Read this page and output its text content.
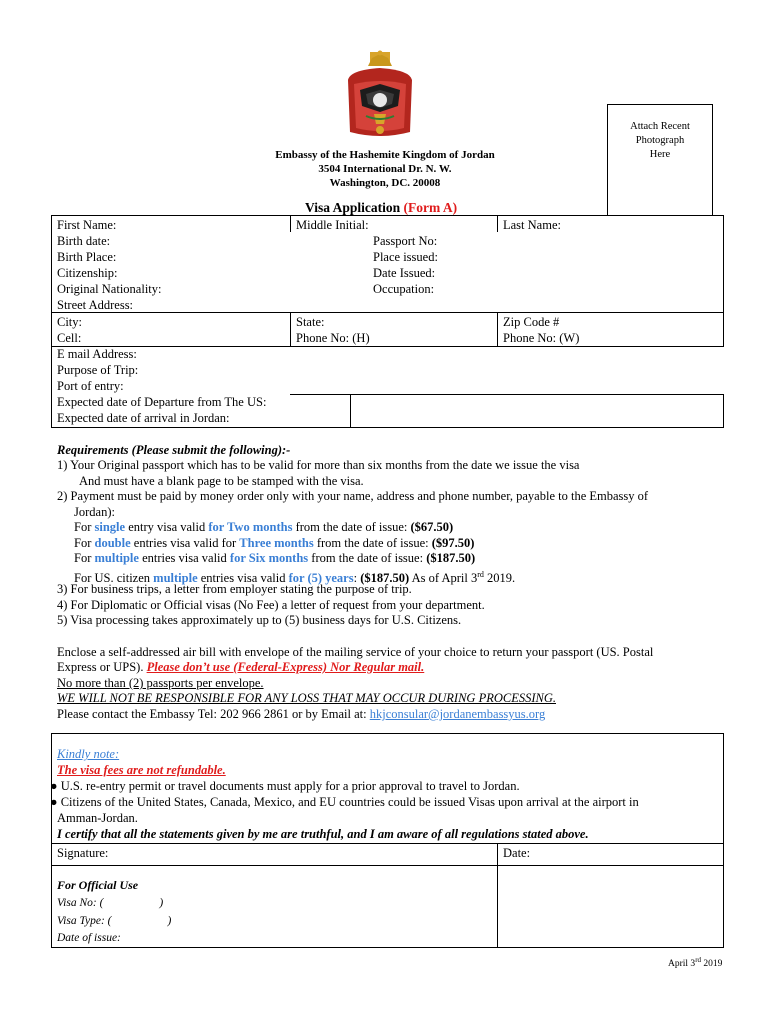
Attach Recent
Photograph
Here
Embassy of the Hashemite Kingdom of Jordan
3504 International Dr. N. W.
Washington, DC. 20008
Visa Application (Form A)
First Name:	Middle Initial:	Last Name:
Birth date:	Passport No:
Birth Place:	Place issued:
Citizenship:	Date Issued:
Original Nationality:	Occupation:
Street Address:
City:	State:	Zip Code #
Cell:	Phone No: (H)	Phone No: (W)
E mail Address:
Purpose of Trip:
Port of entry:
Expected date of Departure from The US:
Expected date of arrival in Jordan:
Requirements (Please submit the following):-
1) Your Original passport which has to be valid for more than six months from the date we issue the visa
And must have a blank page to be stamped with the visa.
2) Payment must be paid by money order only with your name, address and phone number, payable to the Embassy of
Jordan):
For single entry visa valid for Two months from the date of issue: ($67.50)
For double entries visa valid for Three months from the date of issue: ($97.50)
For multiple entries visa valid for Six months from the date of issue: ($187.50)
For US. citizen multiple entries visa valid for (5) years: ($187.50) As of April 3rd 2019.
3) For business trips, a letter from employer stating the purpose of trip.
4) For Diplomatic or Official visas (No Fee) a letter of request from your department.
5) Visa processing takes approximately up to (5) business days for U.S. Citizens.
Enclose a self-addressed air bill with envelope of the mailing service of your choice to return your passport (US. Postal
Express or UPS). Please don’t use (Federal-Express) Nor Regular mail.
No more than (2) passports per envelope.
WE WILL NOT BE RESPONSIBLE FOR ANY LOSS THAT MAY OCCUR DURING PROCESSING.
Please contact the Embassy Tel: 202 966 2861 or by Email at: hkjconsular@jordanembassyus.org
Kindly note:
The visa fees are not refundable.
● U.S. re-entry permit or travel documents must apply for a prior approval to travel to Jordan.
● Citizens of the United States, Canada, Mexico, and EU countries could be issued Visas upon arrival at the airport in
Amman-Jordan.
I certify that all the statements given by me are truthful, and I am aware of all regulations stated above.
Signature:	Date:
For Official Use
Visa No: (	)
Visa Type: (	)
Date of issue:
April 3rd 2019
